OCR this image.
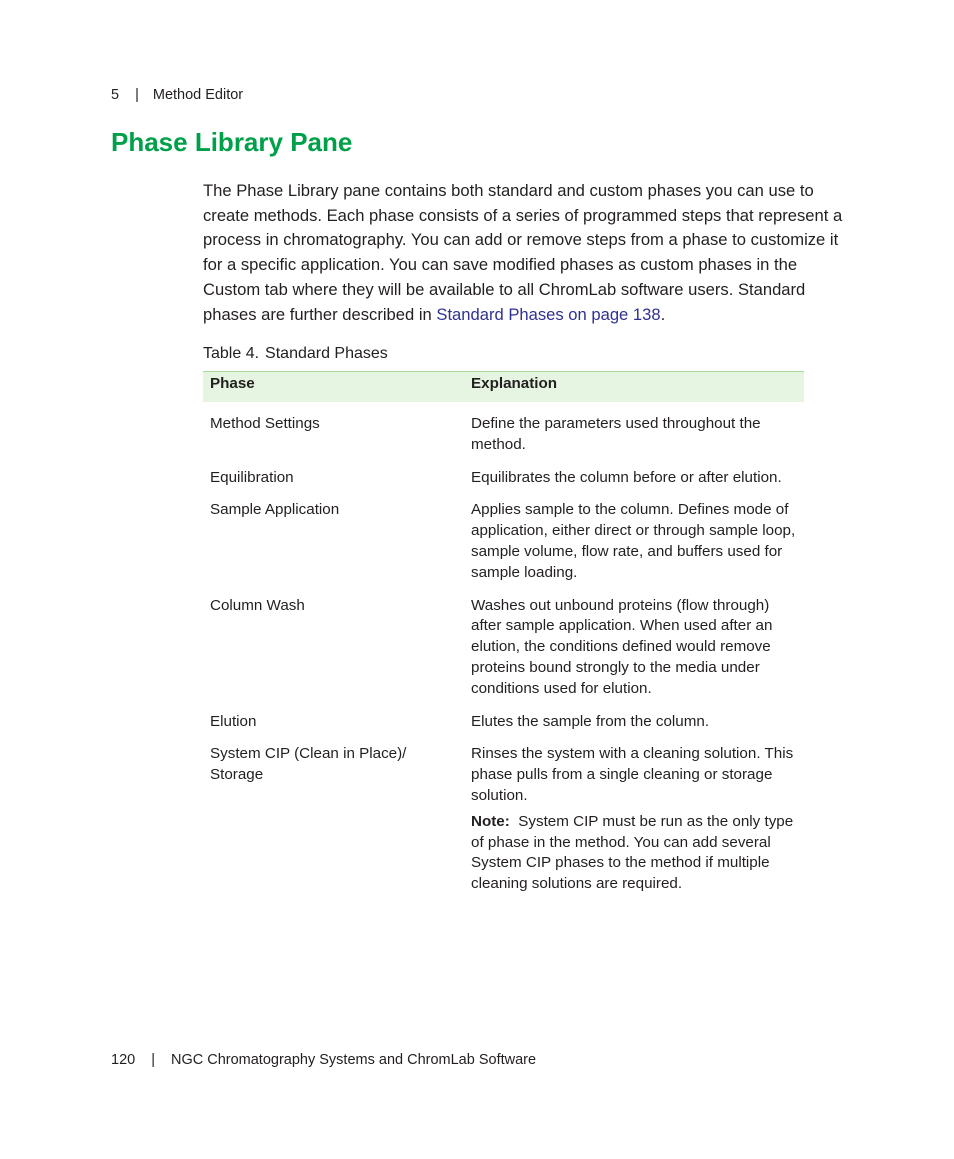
5 | Method Editor
Phase Library Pane

The Phase Library pane contains both standard and custom phases you can use to create methods. Each phase consists of a series of programmed steps that represent a process in chromatography. You can add or remove steps from a phase to customize it for a specific application. You can save modified phases as custom phases in the Custom tab where they will be available to all ChromLab software users. Standard phases are further described in Standard Phases on page 138.

Table 4. Standard Phases
Phase	Explanation
Method Settings	Define the parameters used throughout the method.
Equilibration	Equilibrates the column before or after elution.
Sample Application	Applies sample to the column. Defines mode of application, either direct or through sample loop, sample volume, flow rate, and buffers used for sample loading.
Column Wash	Washes out unbound proteins (flow through) after sample application. When used after an elution, the conditions defined would remove proteins bound strongly to the media under conditions used for elution.
Elution	Elutes the sample from the column.
System CIP (Clean in Place)/ Storage	Rinses the system with a cleaning solution. This phase pulls from a single cleaning or storage solution.

Note: System CIP must be run as the only type of phase in the method. You can add several System CIP phases to the method if multiple cleaning solutions are required.

120 | NGC Chromatography Systems and ChromLab Software
